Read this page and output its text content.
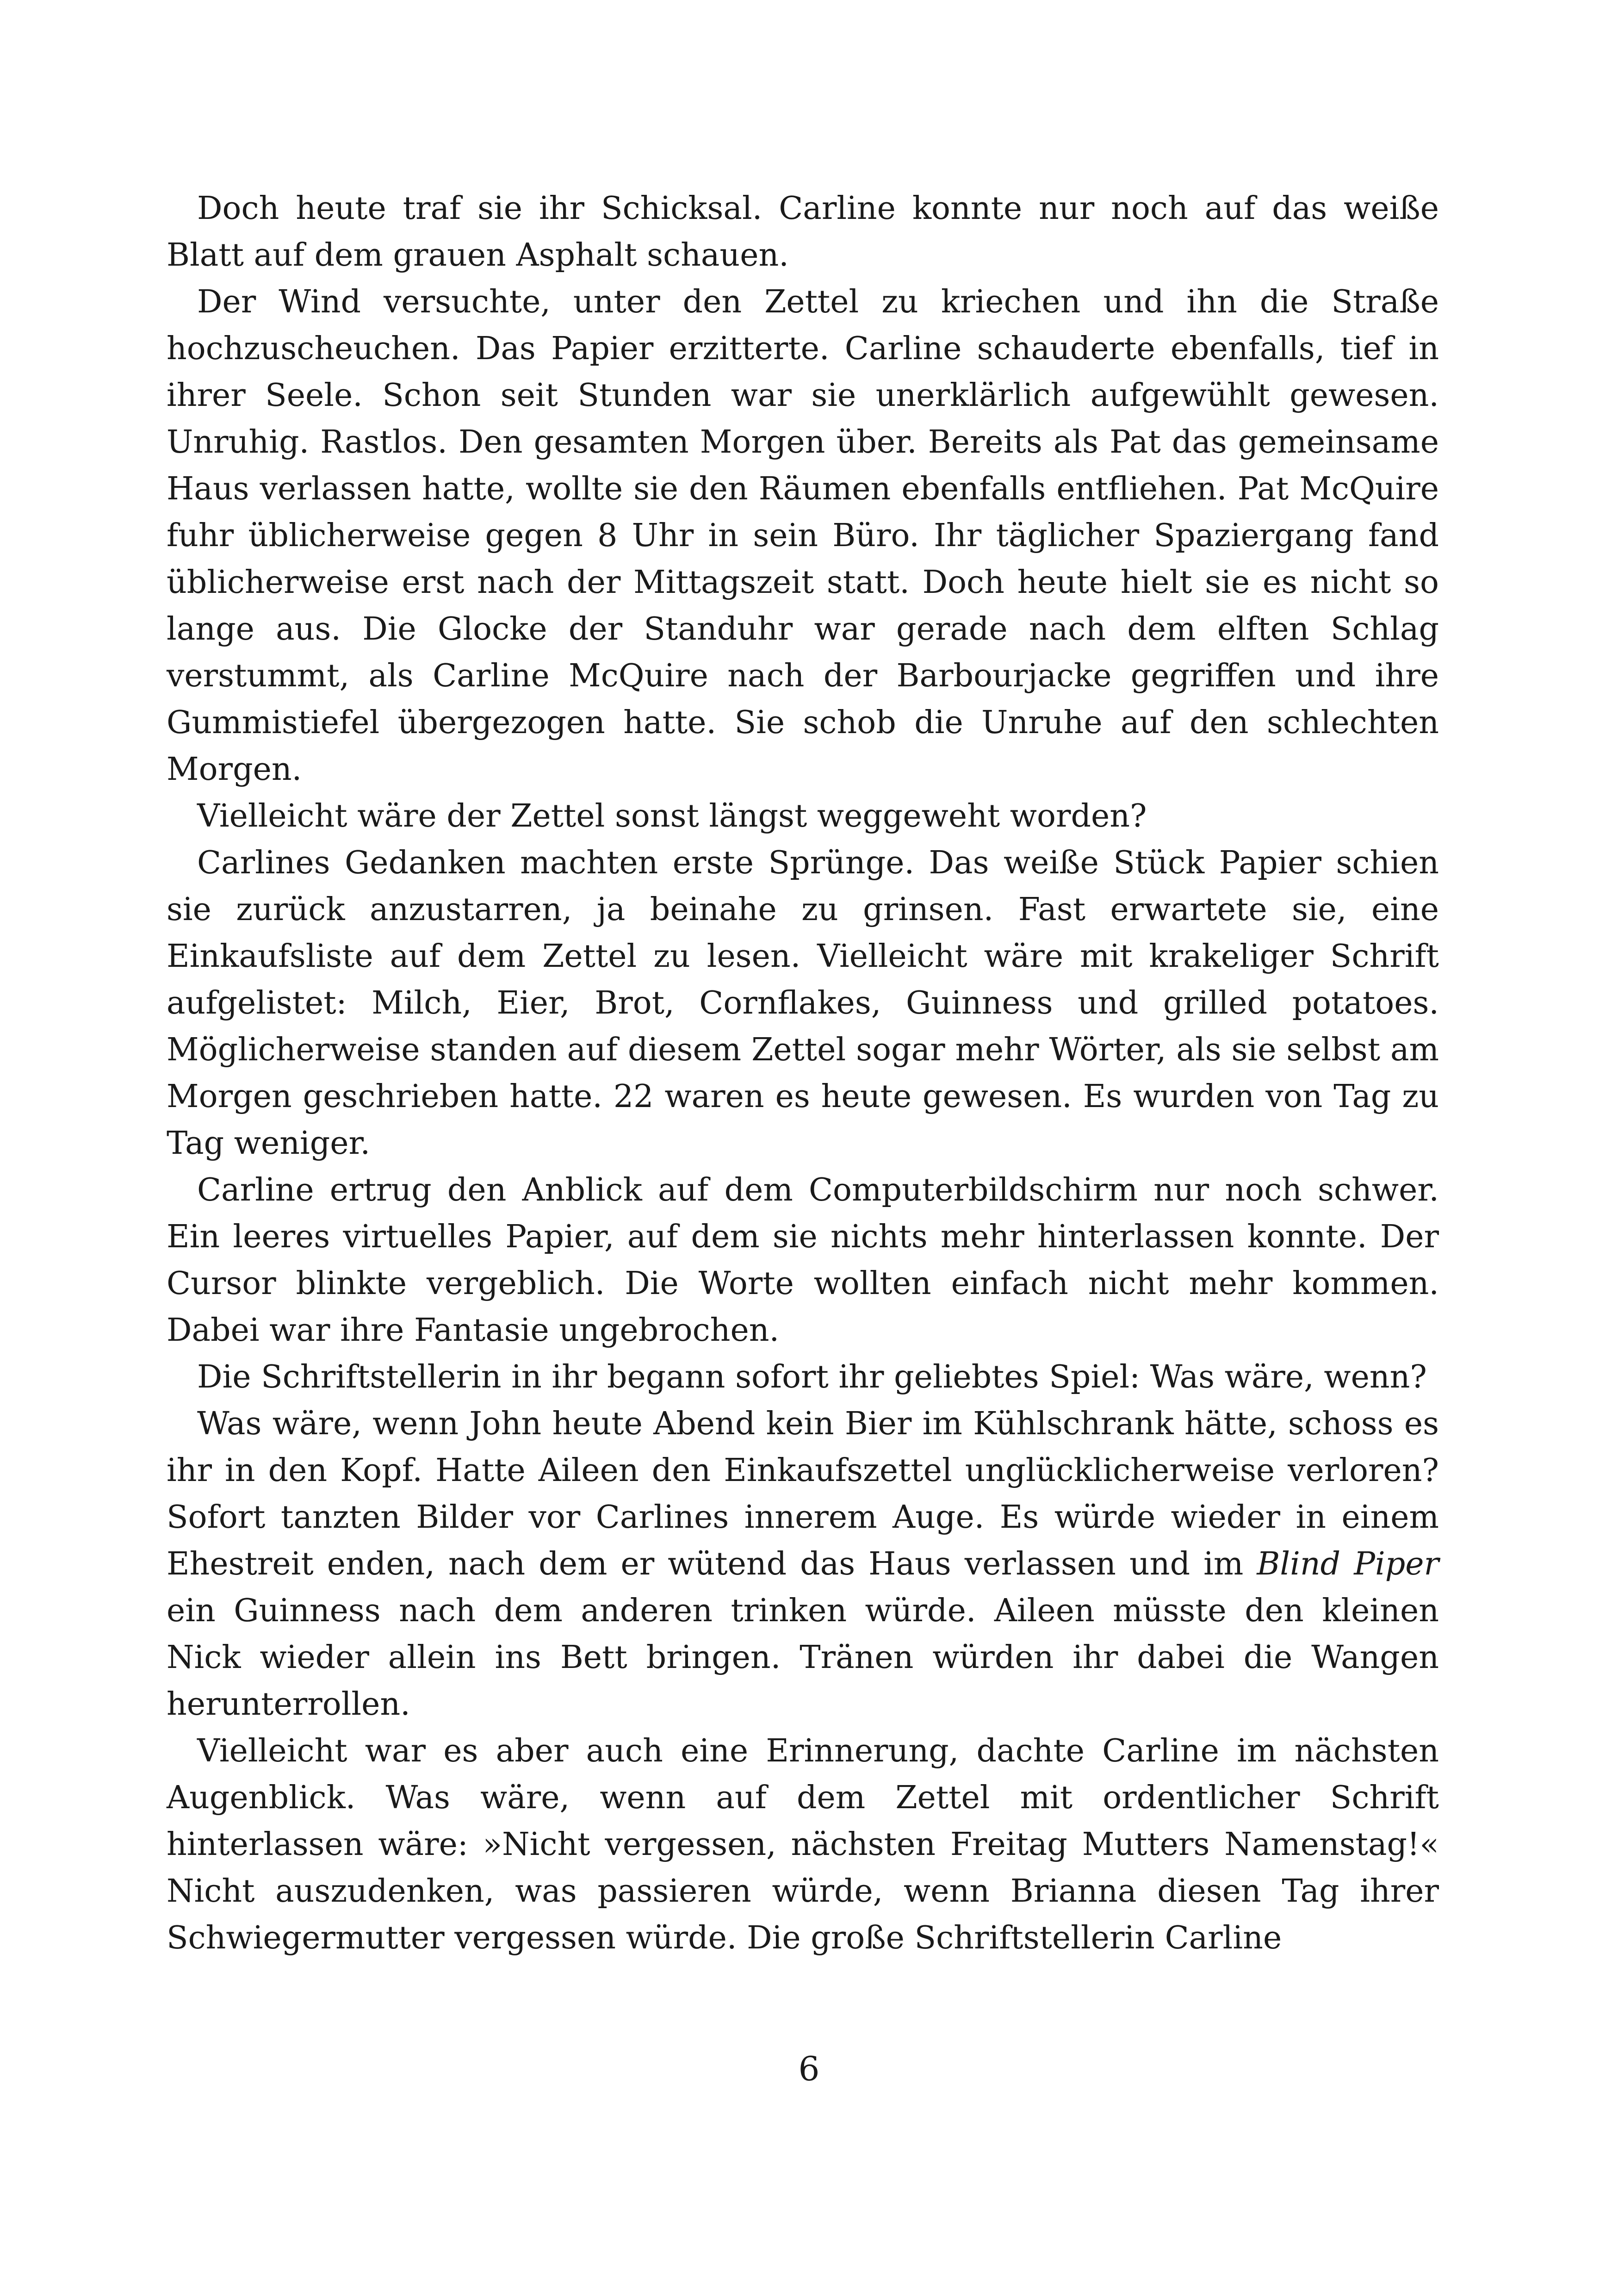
Doch heute traf sie ihr Schicksal. Carline konnte nur noch auf das weiße Blatt auf dem grauen Asphalt schauen.

Der Wind versuchte, unter den Zettel zu kriechen und ihn die Straße hochzuscheuchen. Das Papier erzitterte. Carline schauderte ebenfalls, tief in ihrer Seele. Schon seit Stunden war sie unerklärlich aufgewühlt gewesen. Unruhig. Rastlos. Den gesamten Morgen über. Bereits als Pat das gemeinsame Haus verlassen hatte, wollte sie den Räumen ebenfalls entfliehen. Pat McQuire fuhr üblicherweise gegen 8 Uhr in sein Büro. Ihr täglicher Spaziergang fand üblicherweise erst nach der Mittagszeit statt. Doch heute hielt sie es nicht so lange aus. Die Glocke der Standuhr war gerade nach dem elften Schlag verstummt, als Carline McQuire nach der Barbourjacke gegriffen und ihre Gummistiefel übergezogen hatte. Sie schob die Unruhe auf den schlechten Morgen.

Vielleicht wäre der Zettel sonst längst weggeweht worden?

Carlines Gedanken machten erste Sprünge. Das weiße Stück Papier schien sie zurück anzustarren, ja beinahe zu grinsen. Fast erwartete sie, eine Einkaufsliste auf dem Zettel zu lesen. Vielleicht wäre mit krakeliger Schrift aufgelistet: Milch, Eier, Brot, Cornflakes, Guinness und grilled potatoes. Möglicherweise standen auf diesem Zettel sogar mehr Wörter, als sie selbst am Morgen geschrieben hatte. 22 waren es heute gewesen. Es wurden von Tag zu Tag weniger.

Carline ertrug den Anblick auf dem Computerbildschirm nur noch schwer. Ein leeres virtuelles Papier, auf dem sie nichts mehr hinterlassen konnte. Der Cursor blinkte vergeblich. Die Worte wollten einfach nicht mehr kommen. Dabei war ihre Fantasie ungebrochen.

Die Schriftstellerin in ihr begann sofort ihr geliebtes Spiel: Was wäre, wenn?

Was wäre, wenn John heute Abend kein Bier im Kühlschrank hätte, schoss es ihr in den Kopf. Hatte Aileen den Einkaufszettel unglücklicherweise verloren? Sofort tanzten Bilder vor Carlines innerem Auge. Es würde wieder in einem Ehestreit enden, nach dem er wütend das Haus verlassen und im Blind Piper ein Guinness nach dem anderen trinken würde. Aileen müsste den kleinen Nick wieder allein ins Bett bringen. Tränen würden ihr dabei die Wangen herunterrollen.

Vielleicht war es aber auch eine Erinnerung, dachte Carline im nächsten Augenblick. Was wäre, wenn auf dem Zettel mit ordentlicher Schrift hinterlassen wäre: »Nicht vergessen, nächsten Freitag Mutters Namenstag!« Nicht auszudenken, was passieren würde, wenn Brianna diesen Tag ihrer Schwiegermutter vergessen würde. Die große Schriftstellerin Carline

6
